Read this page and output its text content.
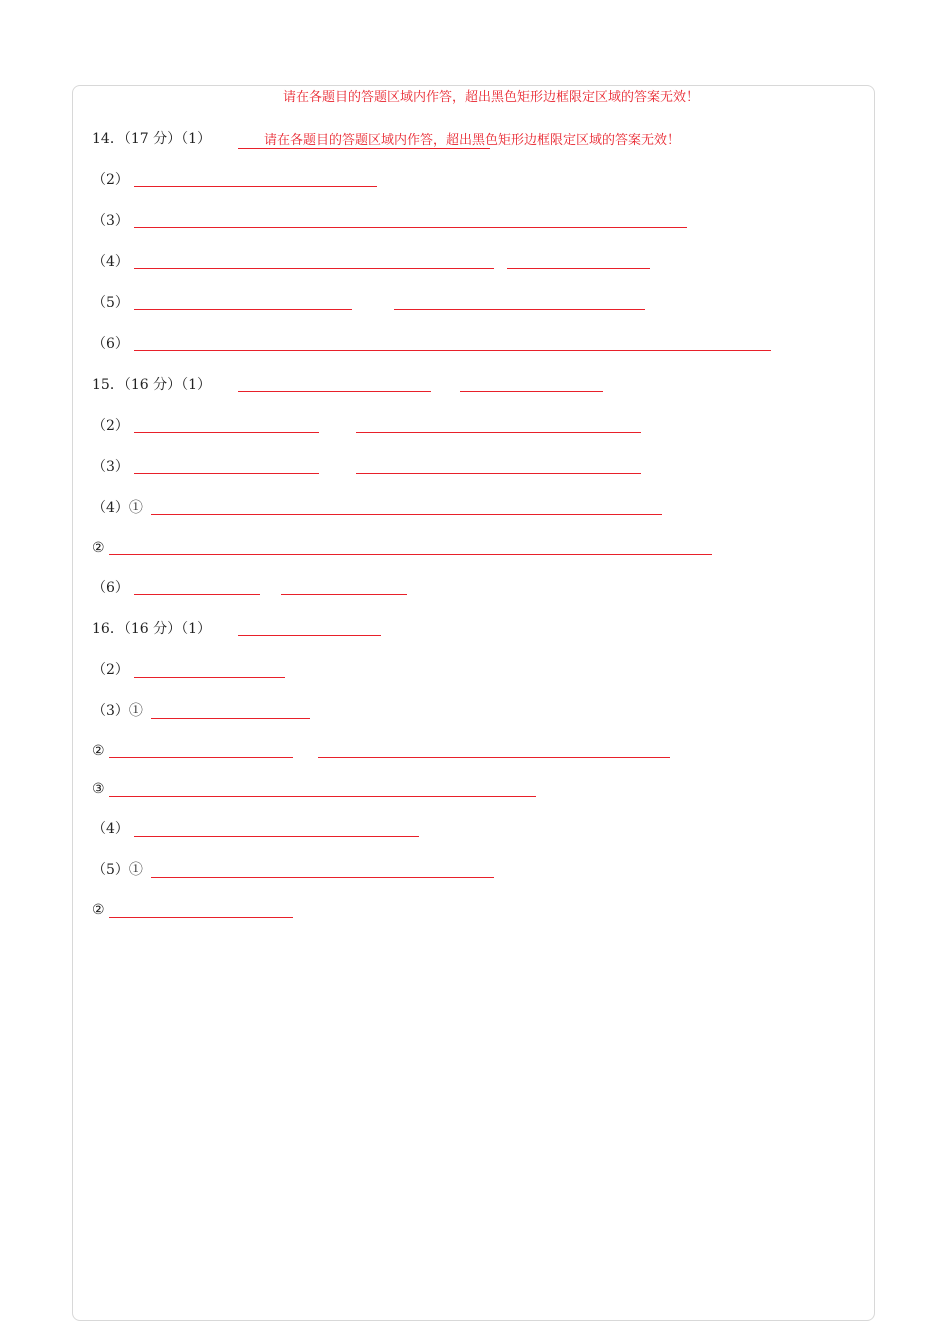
请在各题目的答题区域内作答，超出黑色矩形边框限定区域的答案无效！
14．（17 分）（1）	请在各题目的答题区域内作答，超出黑色矩形边框限定区域的答案无效！
（2）
（3）
（4）
（5）
（6）
15．（16 分）（1）
（2）
（3）
（4）①
②
（6）
16．（16 分）（1）
（2）
（3）①
②
③
（4）
（5）①
②
